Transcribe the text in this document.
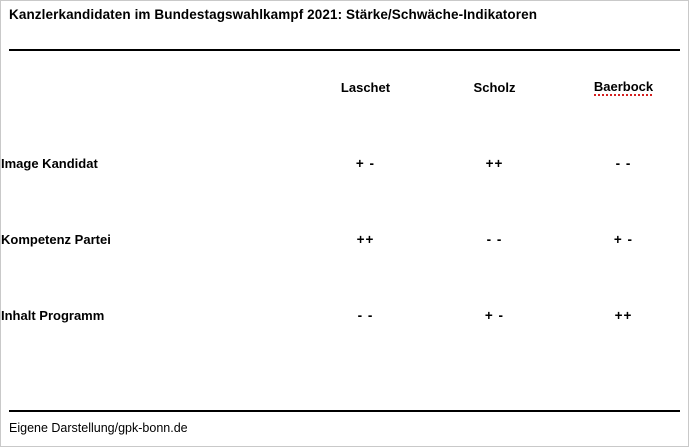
Kanzlerkandidaten im Bundestagswahlkampf 2021: Stärke/Schwäche-Indikatoren
	Laschet	Scholz	Baerbock
Image Kandidat	+ -	++	- -
Kompetenz Partei	++	- -	+ -
Inhalt Programm	- -	+ -	++
Eigene Darstellung/gpk-bonn.de
